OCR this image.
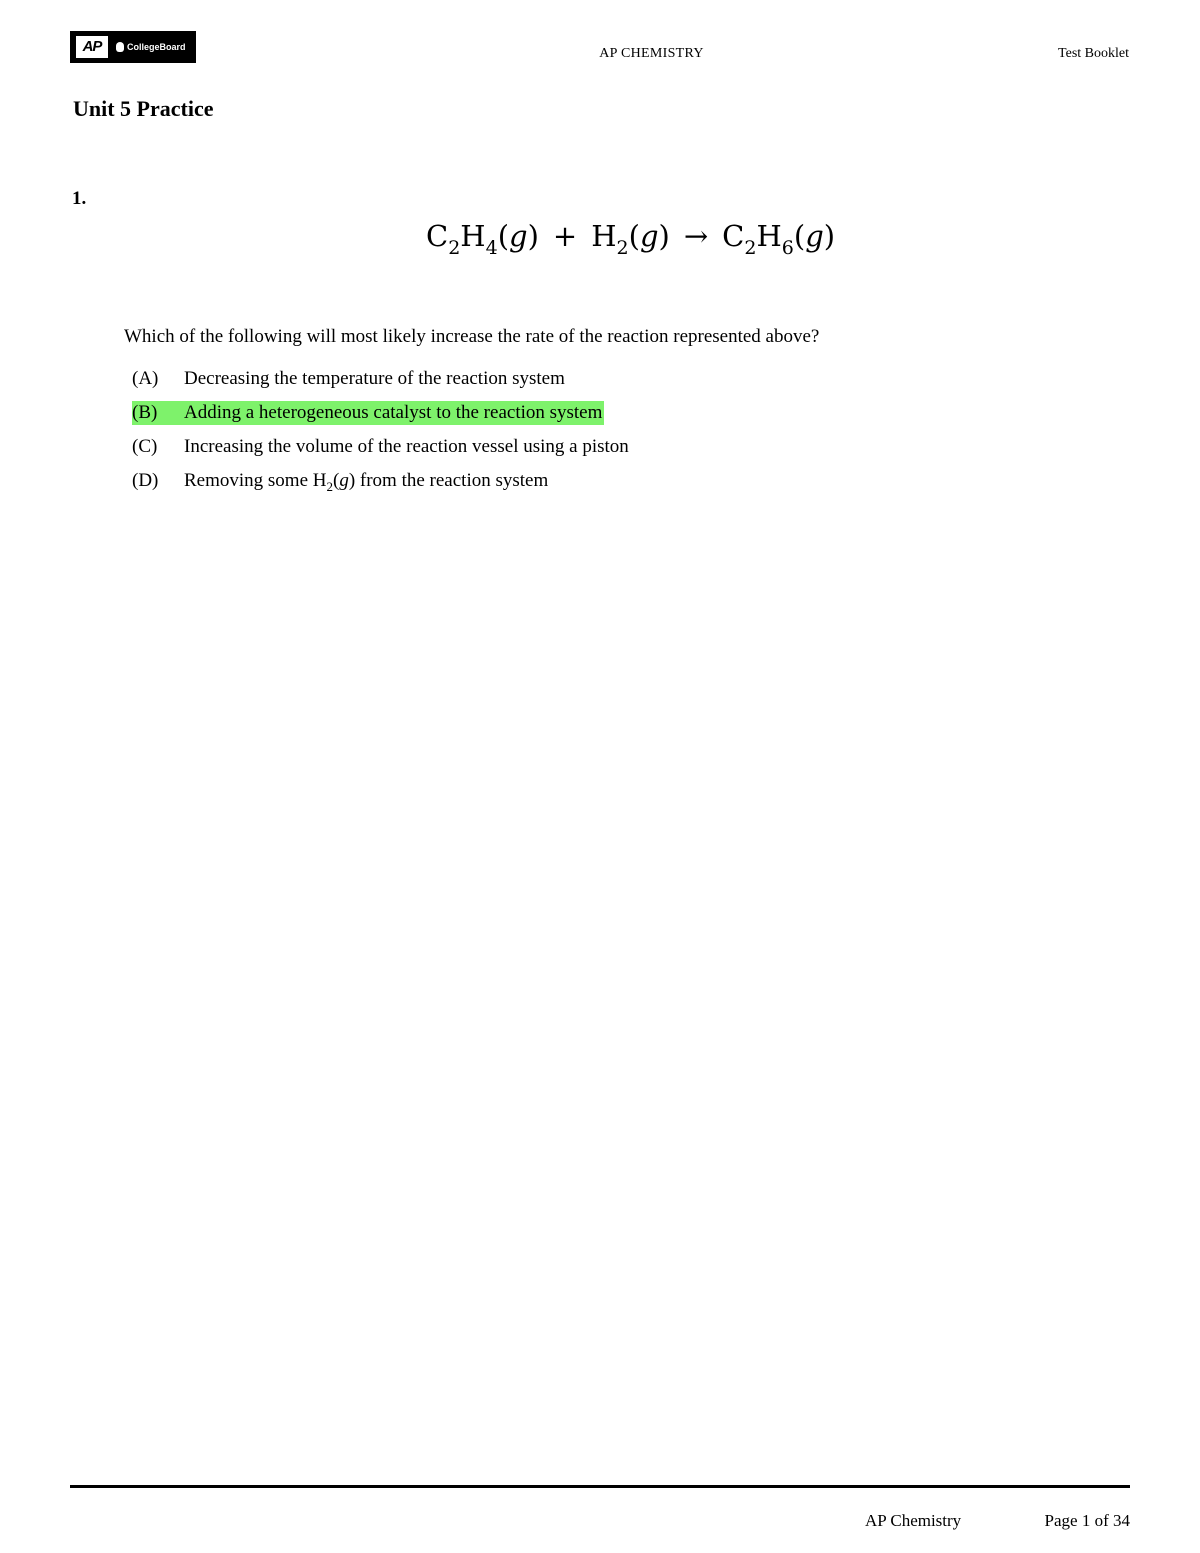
AP	CollegeBoard	AP CHEMISTRY	Test Booklet
Unit 5 Practice
1.
$C_2H_4(g) + H_2(g) \to C_2H_6(g)$
Which of the following will most likely increase the rate of the reaction represented above?
(A)	Decreasing the temperature of the reaction system
(B)	Adding a heterogeneous catalyst to the reaction system
(C)	Increasing the volume of the reaction vessel using a piston
(D)	Removing some $H_2(g)$ from the reaction system
AP Chemistry	Page 1 of 34
